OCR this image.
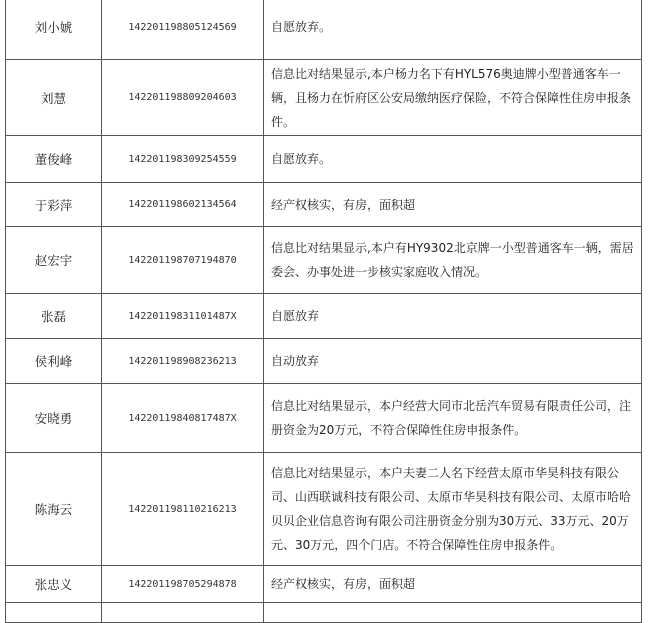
刘小婋	142201198805124569	自愿放弃。
刘慧	142201198809204603	信息比对结果显示,本户杨力名下有HYL576奥迪牌小型普通客车一辆，且杨力在忻府区公安局缴纳医疗保险，不符合保障性住房申报条件。
董俊峰	142201198309254559	自愿放弃。
于彩萍	142201198602134564	经产权核实，有房，面积超
赵宏宇	142201198707194870	信息比对结果显示,本户有HY9302北京牌一小型普通客车一辆，需居委会、办事处进一步核实家庭收入情况。
张磊	14220119831101487X	自愿放弃
侯利峰	142201198908236213	自动放弃
安晓勇	14220119840817487X	信息比对结果显示，本户经营大同市北岳汽车贸易有限责任公司，注册资金为20万元，不符合保障性住房申报条件。
陈海云	142201198110216213	信息比对结果显示，本户夫妻二人名下经营太原市华昊科技有限公司、山西联诚科技有限公司、太原市华昊科技有限公司、太原市哈哈贝贝企业信息咨询有限公司注册资金分别为30万元、33万元、20万元、30万元，四个门店。不符合保障性住房申报条件。
张忠义	142201198705294878	经产权核实，有房，面积超
